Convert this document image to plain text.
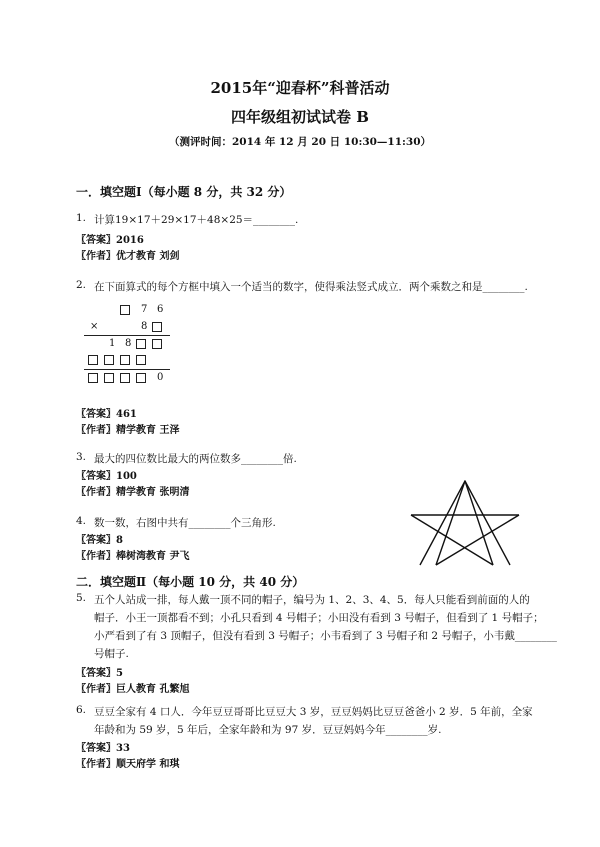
2015年“迎春杯”科普活动
四年级组初试试卷 B
（测评时间：2014 年 12 月 20 日 10:30—11:30）
一．填空题Ⅰ（每小题 8 分，共 32 分）
1. 计算19×17＋29×17＋48×25＝________.
〖答案〗2016
〖作者〗优才教育 刘剑
2. 在下面算式的每个方框中填入一个适当的数字，使得乘法竖式成立．两个乘数之和是________.
7 6
×	8
1 8
0
〖答案〗461
〖作者〗精学教育 王泽
3. 最大的四位数比最大的两位数多________倍.
〖答案〗100
〖作者〗精学教育 张明清
4. 数一数，右图中共有________个三角形.
〖答案〗8
〖作者〗棒树湾教育 尹飞
二．填空题Ⅱ（每小题 10 分，共 40 分）
5. 五个人站成一排，每人戴一顶不同的帽子，编号为 1、2、3、4、5．每人只能看到前面的人的
帽子．小王一顶都看不到；小孔只看到 4 号帽子；小田没有看到 3 号帽子，但看到了 1 号帽子；
小严看到了有 3 顶帽子，但没有看到 3 号帽子；小韦看到了 3 号帽子和 2 号帽子，小韦戴________
号帽子.
〖答案〗5
〖作者〗巨人教育 孔繁旭
6. 豆豆全家有 4 口人．今年豆豆哥哥比豆豆大 3 岁，豆豆妈妈比豆豆爸爸小 2 岁．5 年前，全家
年龄和为 59 岁，5 年后，全家年龄和为 97 岁．豆豆妈妈今年________岁.
〖答案〗33
〖作者〗顺天府学 和琪
